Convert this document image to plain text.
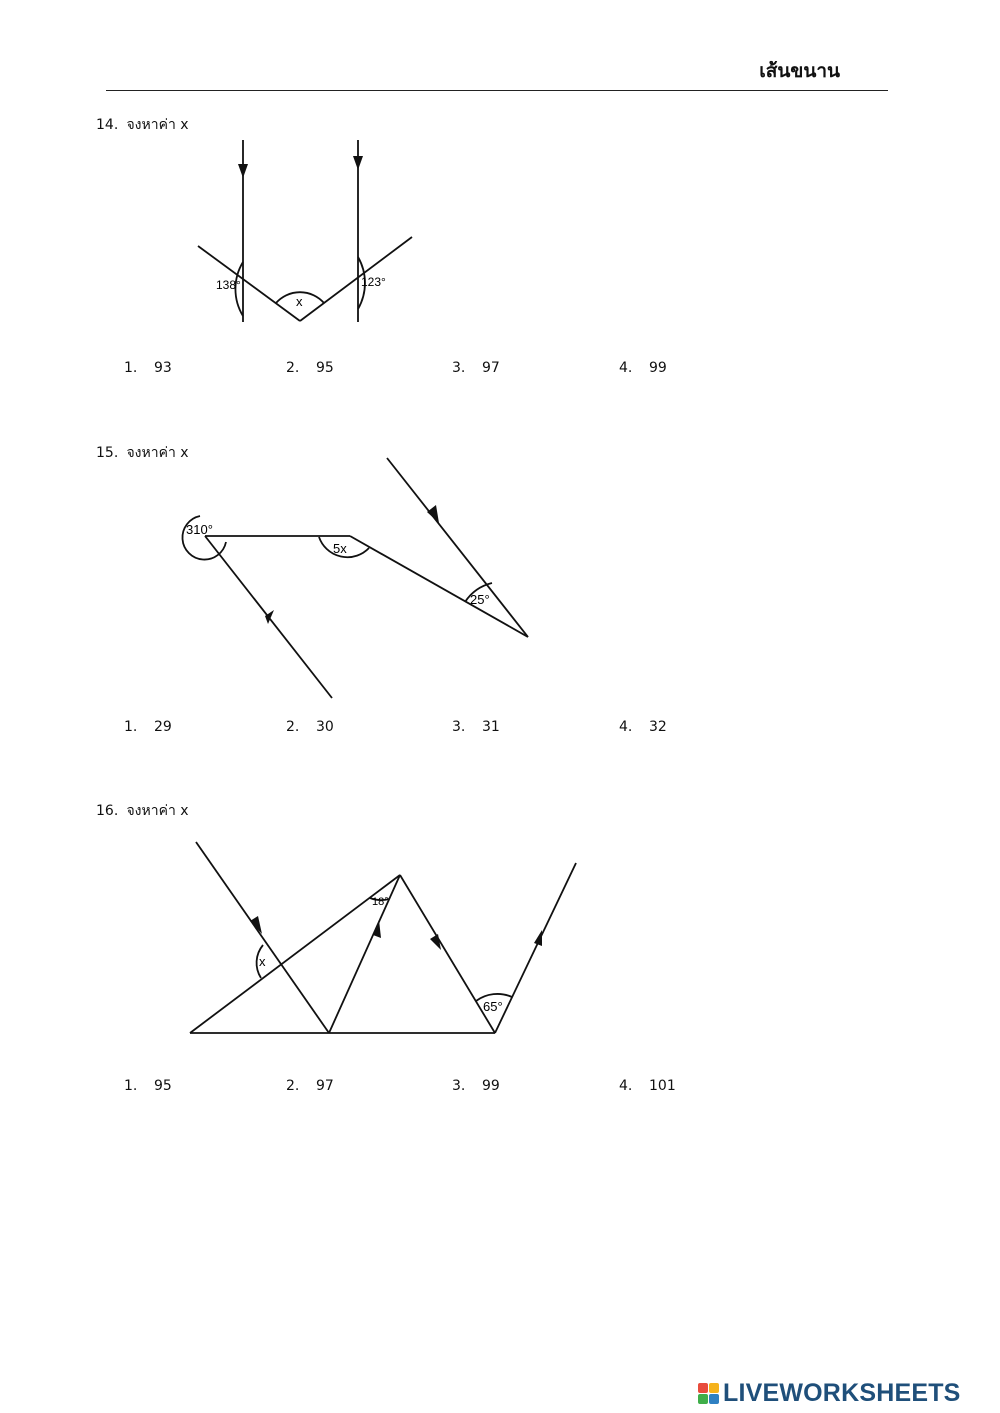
เส้นขนาน
14. จงหาค่า x
138°	123°
x
1. 93	2. 95	3. 97	4. 99
15. จงหาค่า x
310°
5x
25°
1. 29	2. 30	3. 31	4. 32
16. จงหาค่า x
x
18°
65°
1. 95	2. 97	3. 99	4. 101
LIVEWORKSHEETS
